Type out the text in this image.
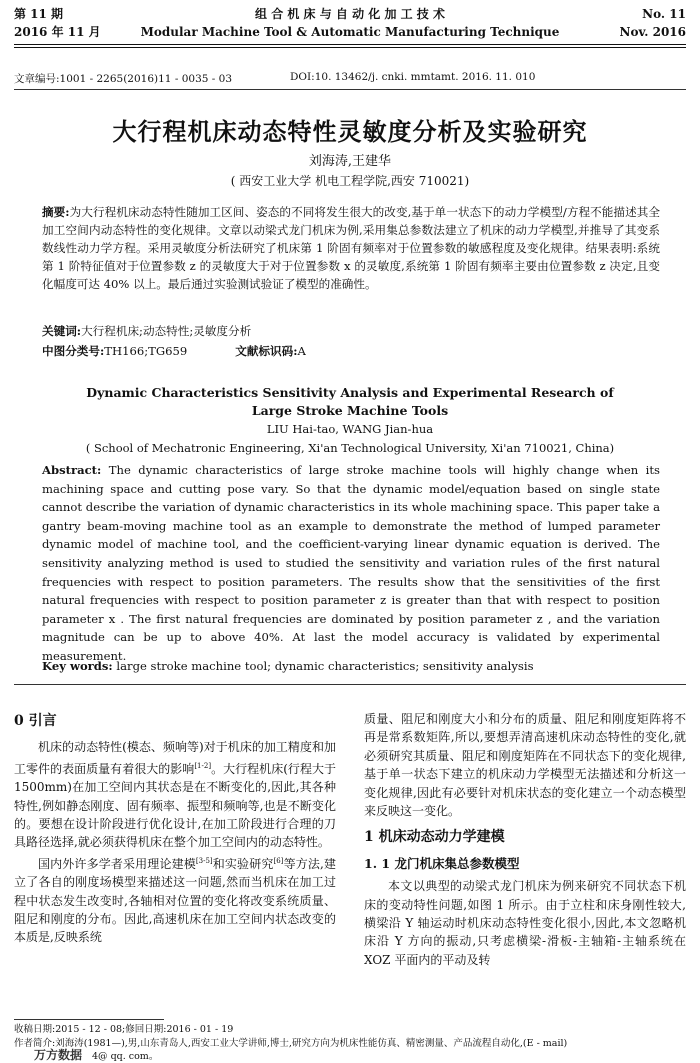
第 11 期
2016 年 11 月
组 合 机 床 与 自 动 化 加 工 技 术
Modular Machine Tool & Automatic Manufacturing Technique
No. 11
Nov. 2016
文章编号:1001 - 2265(2016)11 - 0035 - 03	DOI:10. 13462/j. cnki. mmtamt. 2016. 11. 010
大行程机床动态特性灵敏度分析及实验研究
刘海涛,王建华
( 西安工业大学 机电工程学院,西安 710021)
摘要:为大行程机床动态特性随加工区间、姿态的不同将发生很大的改变,基于单一状态下的动力学模型/方程不能描述其全加工空间内动态特性的变化规律。文章以动梁式龙门机床为例,采用集总参数法建立了机床的动力学模型,并推导了其变系数线性动力学方程。采用灵敏度分析法研究了机床第 1 阶固有频率对于位置参数的敏感程度及变化规律。结果表明:系统第 1 阶特征值对于位置参数 z 的灵敏度大于对于位置参数 x 的灵敏度,系统第 1 阶固有频率主要由位置参数 z 决定,且变化幅度可达 40% 以上。最后通过实验测试验证了模型的准确性。
关键词:大行程机床;动态特性;灵敏度分析
中图分类号:TH166;TG659	文献标识码:A
Dynamic Characteristics Sensitivity Analysis and Experimental Research of
Large Stroke Machine Tools
LIU Hai-tao, WANG Jian-hua
( School of Mechatronic Engineering, Xi'an Technological University, Xi'an 710021, China)
Abstract: The dynamic characteristics of large stroke machine tools will highly change when its machining space and cutting pose vary. So that the dynamic model/equation based on single state cannot describe the variation of dynamic characteristics in its whole machining space. This paper take a gantry beam-moving machine tool as an example to demonstrate the method of lumped parameter dynamic model of machine tool, and the coefficient-varying linear dynamic equation is derived. The sensitivity analyzing method is used to studied the sensitivity and variation rules of the first natural frequencies with respect to position parameters. The results show that the sensitivities of the first natural frequencies with respect to position parameter z is greater than that with respect to position parameter x . The first natural frequencies are dominated by position parameter z , and the variation magnitude can be up to above 40%. At last the model accuracy is validated by experimental measurement.
Key words: large stroke machine tool; dynamic characteristics; sensitivity analysis
0 引言

机床的动态特性(模态、频响等)对于机床的加工精度和加工零件的表面质量有着很大的影响[1-2]。大行程机床(行程大于 1500mm)在加工空间内其状态是在不断变化的,因此,其各种特性,例如静态刚度、固有频率、振型和频响等,也是不断变化的。要想在设计阶段进行优化设计,在加工阶段进行合理的刀具路径选择,就必须获得机床在整个加工空间内的动态特性。

国内外许多学者采用理论建模[3-5]和实验研究[6]等方法,建立了各自的刚度场模型来描述这一问题,然而当机床在加工过程中状态发生改变时,各轴相对位置的变化将改变系统质量、阻尼和刚度的分布。因此,高速机床在加工空间内状态改变的本质是,反映系统

质量、阻尼和刚度大小和分布的质量、阻尼和刚度矩阵将不再是常系数矩阵,所以,要想弄清高速机床动态特性的变化,就必须研究其质量、阻尼和刚度矩阵在不同状态下的变化规律,基于单一状态下建立的机床动力学模型无法描述和分析这一变化规律,因此有必要针对机床状态的变化建立一个动态模型来反映这一变化。

1 机床动态动力学建模
1. 1 龙门机床集总参数模型

本文以典型的动梁式龙门机床为例来研究不同状态下机床的变动特性问题,如图 1 所示。由于立柱和床身刚性较大,横梁沿 Y 轴运动时机床动态特性变化很小,因此,本文忽略机床沿 Y 方向的振动,只考虑横梁-滑板-主轴箱-主轴系统在 XOZ 平面内的平动及转

收稿日期:2015 - 12 - 08;修回日期:2016 - 01 - 19
作者简介:刘海涛(1981—),男,山东青岛人,西安工业大学讲师,博士,研究方向为机床性能仿真、精密测量、产品流程自动化,(E - mail)
万方数据 4@ qq. com。
